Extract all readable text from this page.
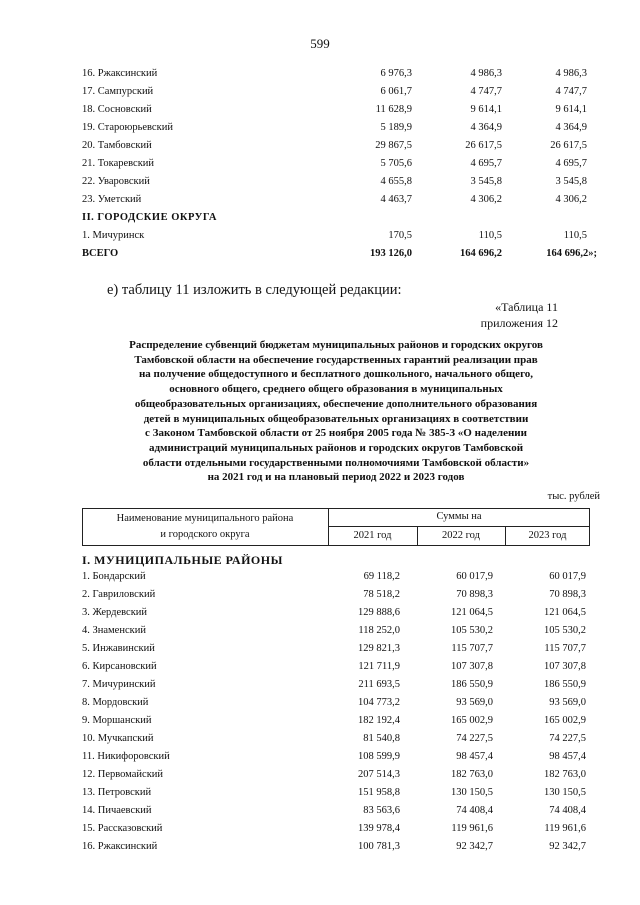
599
16. Ржаксинский	6 976,3	4 986,3	4 986,3
17. Сампурский	6 061,7	4 747,7	4 747,7
18. Сосновский	11 628,9	9 614,1	9 614,1
19. Староюрьевский	5 189,9	4 364,9	4 364,9
20. Тамбовский	29 867,5	26 617,5	26 617,5
21. Токаревский	5 705,6	4 695,7	4 695,7
22. Уваровский	4 655,8	3 545,8	3 545,8
23. Уметский	4 463,7	4 306,2	4 306,2
II. ГОРОДСКИЕ ОКРУГА
1. Мичуринск	170,5	110,5	110,5
ВСЕГО	193 126,0	164 696,2	164 696,2»;
е) таблицу 11 изложить в следующей редакции:
«Таблица 11
приложения 12
Распределение субвенций бюджетам муниципальных районов и городских округов
Тамбовской области на обеспечение государственных гарантий реализации прав
на получение общедоступного и бесплатного дошкольного, начального общего,
основного общего, среднего общего образования в муниципальных
общеобразовательных организациях, обеспечение дополнительного образования
детей в муниципальных общеобразовательных организациях в соответствии
с Законом Тамбовской области от 25 ноября 2005 года № 385-З «О наделении
администраций муниципальных районов и городских округов Тамбовской
области отдельными государственными полномочиями Тамбовской области»
на 2021 год и на плановый период 2022 и 2023 годов
тыс. рублей
Наименование муниципального района
и городского округа
Суммы на
2021 год	2022 год	2023 год
I. МУНИЦИПАЛЬНЫЕ РАЙОНЫ
1. Бондарский	69 118,2	60 017,9	60 017,9
2. Гавриловский	78 518,2	70 898,3	70 898,3
3. Жердевский	129 888,6	121 064,5	121 064,5
4. Знаменский	118 252,0	105 530,2	105 530,2
5. Инжавинский	129 821,3	115 707,7	115 707,7
6. Кирсановский	121 711,9	107 307,8	107 307,8
7. Мичуринский	211 693,5	186 550,9	186 550,9
8. Мордовский	104 773,2	93 569,0	93 569,0
9. Моршанский	182 192,4	165 002,9	165 002,9
10. Мучкапский	81 540,8	74 227,5	74 227,5
11. Никифоровский	108 599,9	98 457,4	98 457,4
12. Первомайский	207 514,3	182 763,0	182 763,0
13. Петровский	151 958,8	130 150,5	130 150,5
14. Пичаевский	83 563,6	74 408,4	74 408,4
15. Рассказовский	139 978,4	119 961,6	119 961,6
16. Ржаксинский	100 781,3	92 342,7	92 342,7
